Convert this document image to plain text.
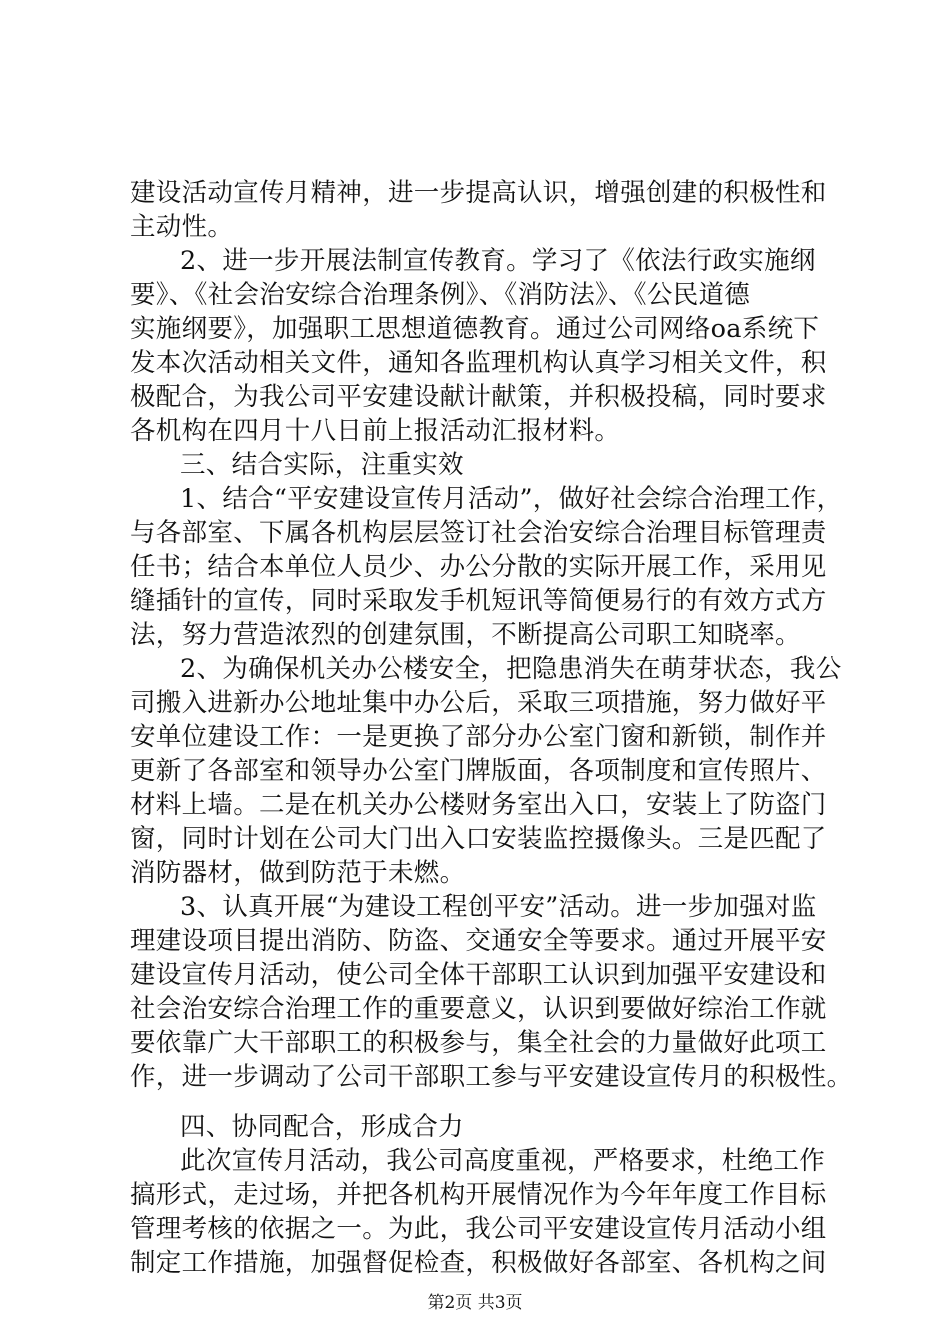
建设活动宣传月精神，进一步提高认识，增强创建的积极性和
主动性。
2、进一步开展法制宣传教育。学习了《依法行政实施纲
要》、《社会治安综合治理条例》、《消防法》、《公民道德
实施纲要》，加强职工思想道德教育。通过公司网络oa系统下
发本次活动相关文件，通知各监理机构认真学习相关文件，积
极配合，为我公司平安建设献计献策，并积极投稿，同时要求
各机构在四月十八日前上报活动汇报材料。
三、结合实际，注重实效
1、结合“平安建设宣传月活动”，做好社会综合治理工作，
与各部室、下属各机构层层签订社会治安综合治理目标管理责
任书；结合本单位人员少、办公分散的实际开展工作，采用见
缝插针的宣传，同时采取发手机短讯等简便易行的有效方式方
法，努力营造浓烈的创建氛围，不断提高公司职工知晓率。
2、为确保机关办公楼安全，把隐患消失在萌芽状态，我公
司搬入进新办公地址集中办公后，采取三项措施，努力做好平
安单位建设工作：一是更换了部分办公室门窗和新锁，制作并
更新了各部室和领导办公室门牌版面，各项制度和宣传照片、
材料上墙。二是在机关办公楼财务室出入口，安装上了防盗门
窗，同时计划在公司大门出入口安装监控摄像头。三是匹配了
消防器材，做到防范于未燃。
3、认真开展“为建设工程创平安”活动。进一步加强对监
理建设项目提出消防、防盗、交通安全等要求。通过开展平安
建设宣传月活动，使公司全体干部职工认识到加强平安建设和
社会治安综合治理工作的重要意义，认识到要做好综治工作就
要依靠广大干部职工的积极参与，集全社会的力量做好此项工
作，进一步调动了公司干部职工参与平安建设宣传月的积极性。
四、协同配合，形成合力
此次宣传月活动，我公司高度重视，严格要求，杜绝工作
搞形式，走过场，并把各机构开展情况作为今年年度工作目标
管理考核的依据之一。为此，我公司平安建设宣传月活动小组
制定工作措施，加强督促检查，积极做好各部室、各机构之间
第2页 共3页
